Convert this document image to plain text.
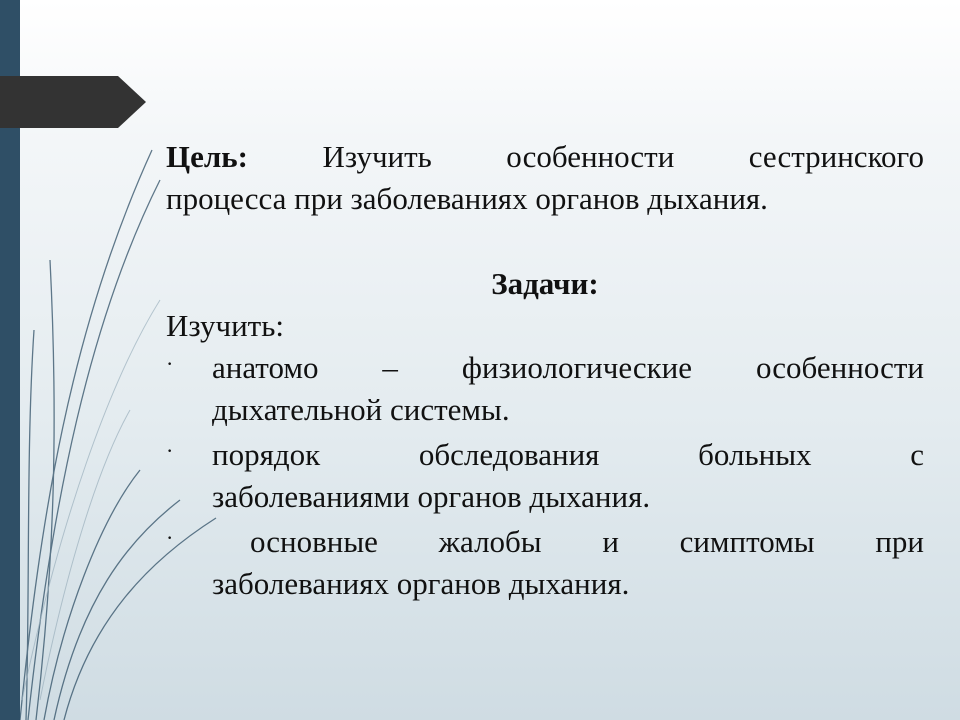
Цель: Изучить особенности сестринского
процесса при заболеваниях органов дыхания.
Задачи:
Изучить:
· анатомо – физиологические особенности
дыхательной системы.
· порядок обследования больных с
заболеваниями органов дыхания.
·	основные жалобы и симптомы при
заболеваниях органов дыхания.
